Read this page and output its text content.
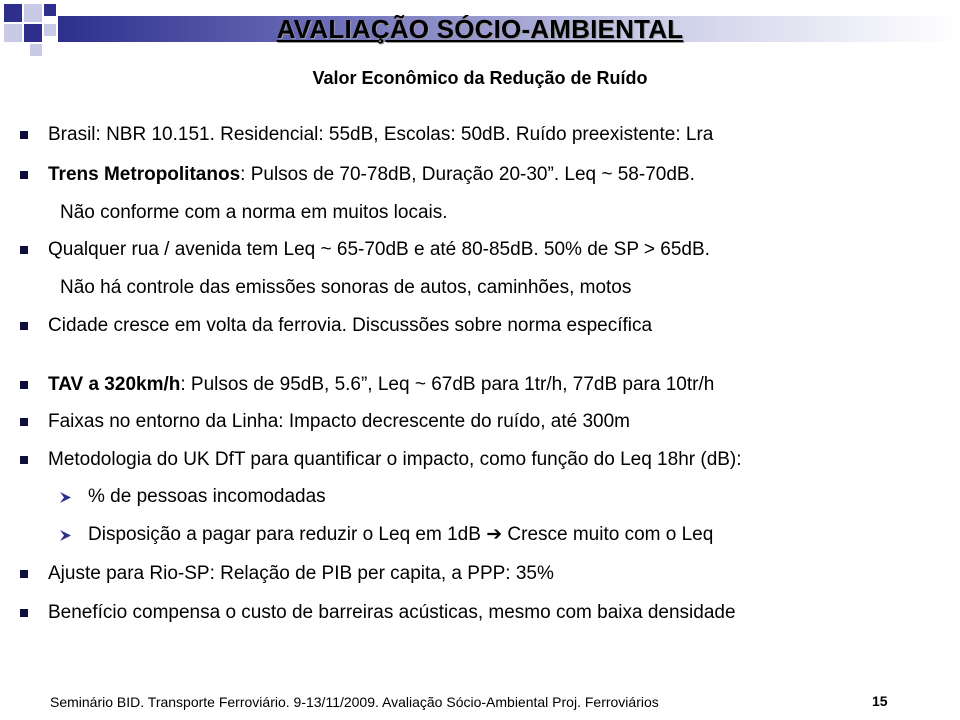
AVALIAÇÃO SÓCIO-AMBIENTAL
Valor Econômico da Redução de Ruído
Brasil: NBR 10.151. Residencial: 55dB, Escolas: 50dB. Ruído preexistente: Lra
Trens Metropolitanos: Pulsos de 70-78dB, Duração 20-30”. Leq ~ 58-70dB.
Não conforme com a norma em muitos locais.
Qualquer rua / avenida tem Leq ~ 65-70dB e até 80-85dB. 50% de SP > 65dB.
Não há controle das emissões sonoras de autos, caminhões, motos
Cidade cresce em volta da ferrovia. Discussões sobre norma específica
TAV a 320km/h: Pulsos de 95dB, 5.6”, Leq ~ 67dB para 1tr/h, 77dB para 10tr/h
Faixas no entorno da Linha: Impacto decrescente do ruído, até 300m
Metodologia do UK DfT para quantificar o impacto, como função do Leq 18hr (dB):
% de pessoas incomodadas
Disposição a pagar para reduzir o Leq em 1dB ➔ Cresce muito com o Leq
Ajuste para Rio-SP: Relação de PIB per capita, a PPP: 35%
Benefício compensa o custo de barreiras acústicas, mesmo com baixa densidade
Seminário BID. Transporte Ferroviário. 9-13/11/2009. Avaliação Sócio-Ambiental Proj. Ferroviários	15
